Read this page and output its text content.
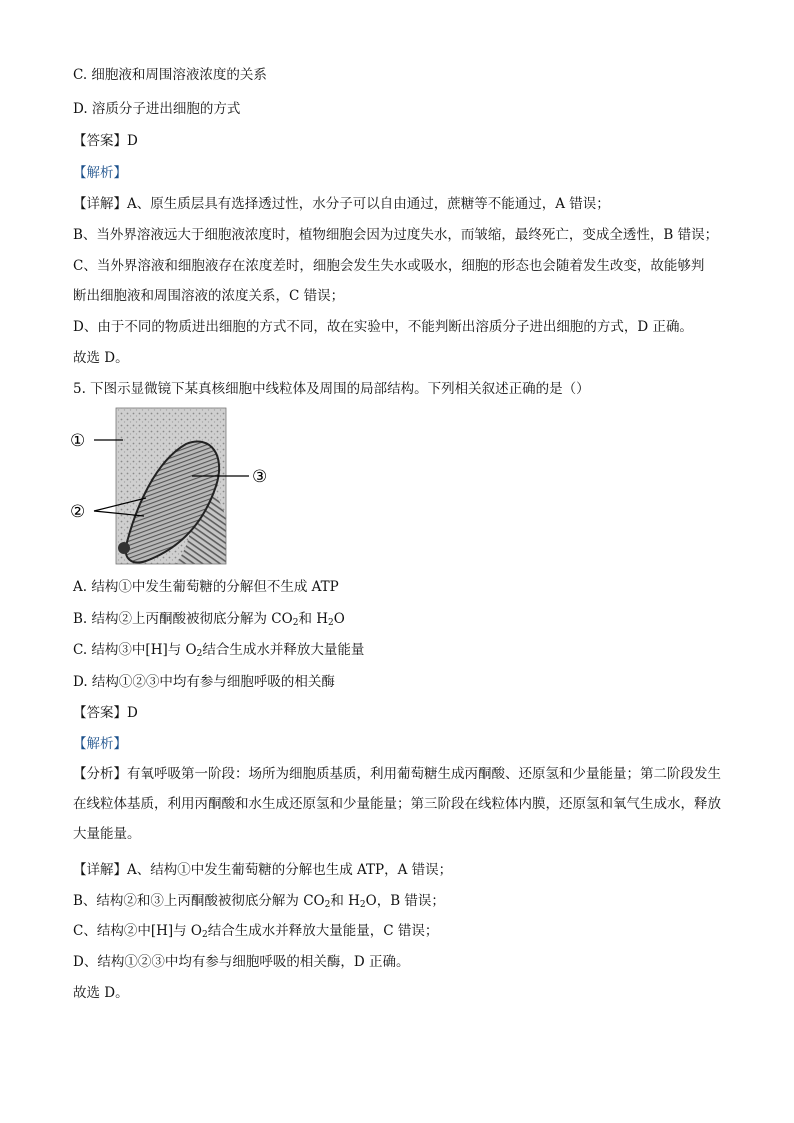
C. 细胞液和周围溶液浓度的关系
D. 溶质分子进出细胞的方式
【答案】D
【解析】
【详解】A、原生质层具有选择透过性，水分子可以自由通过，蔗糖等不能通过，A 错误；
B、当外界溶液远大于细胞液浓度时，植物细胞会因为过度失水，而皱缩，最终死亡，变成全透性，B 错误；
C、当外界溶液和细胞液存在浓度差时，细胞会发生失水或吸水，细胞的形态也会随着发生改变，故能够判
断出细胞液和周围溶液的浓度关系，C 错误；
D、由于不同的物质进出细胞的方式不同，故在实验中，不能判断出溶质分子进出细胞的方式，D 正确。
故选 D。
5. 下图示显微镜下某真核细胞中线粒体及周围的局部结构。下列相关叙述正确的是（）
①
②
③
A. 结构①中发生葡萄糖的分解但不生成 ATP
B. 结构②上丙酮酸被彻底分解为 $CO_2$和 $H_2O$
C. 结构③中[H]与 $O_2$结合生成水并释放大量能量
D. 结构①②③中均有参与细胞呼吸的相关酶
【答案】D
【解析】
【分析】有氧呼吸第一阶段：场所为细胞质基质，利用葡萄糖生成丙酮酸、还原氢和少量能量；第二阶段发生在线粒体基质，利用丙酮酸和水生成还原氢和少量能量；第三阶段在线粒体内膜，还原氢和氧气生成水，释放大量能量。
【详解】A、结构①中发生葡萄糖的分解也生成 ATP，A 错误；
B、结构②和③上丙酮酸被彻底分解为 $CO_2$和 $H_2O$，B 错误；
C、结构②中[H]与 $O_2$结合生成水并释放大量能量，C 错误；
D、结构①②③中均有参与细胞呼吸的相关酶，D 正确。
故选 D。
